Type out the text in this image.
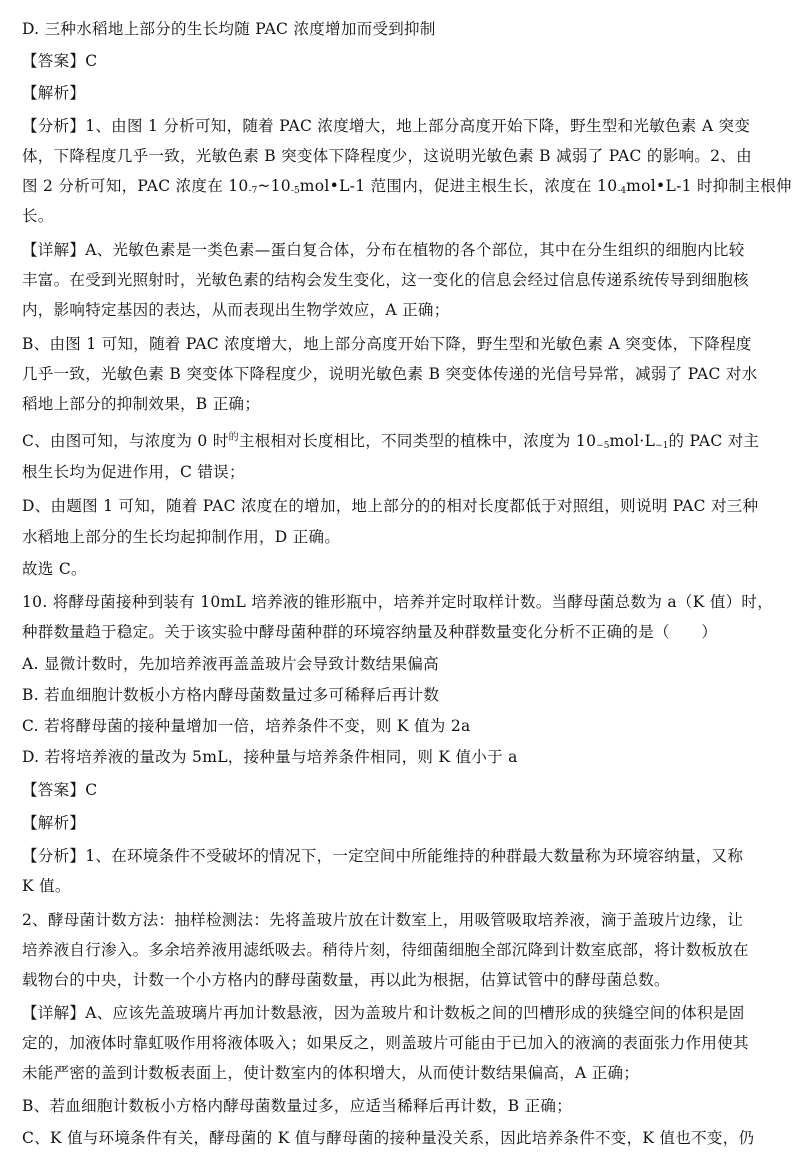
D. 三种水稻地上部分的生长均随 PAC 浓度增加而受到抑制
【答案】C
【解析】
【分析】1、由图 1 分析可知，随着 PAC 浓度增大，地上部分高度开始下降，野生型和光敏色素 A 突变
体，下降程度几乎一致，光敏色素 B 突变体下降程度少，这说明光敏色素 B 减弱了 PAC 的影响。2、由
图 2 分析可知，PAC 浓度在 $10_{-7}\sim 10_{-5}mol•L-1$ 范围内，促进主根生长，浓度在 $10_{-4}mol•L-1$ 时抑制主根伸
长。
【详解】A、光敏色素是一类色素—蛋白复合体，分布在植物的各个部位，其中在分生组织的细胞内比较
丰富。在受到光照射时，光敏色素的结构会发生变化，这一变化的信息会经过信息传递系统传导到细胞核
内，影响特定基因的表达，从而表现出生物学效应，A 正确；
B、由图 1 可知，随着 PAC 浓度增大，地上部分高度开始下降，野生型和光敏色素 A 突变体，下降程度
几乎一致，光敏色素 B 突变体下降程度少，说明光敏色素 B 突变体传递的光信号异常，减弱了 PAC 对水
稻地上部分的抑制效果，B 正确；
C、由图可知，与浓度为 0 时$^的$主根相对长度相比，不同类型的植株中，浓度为 $10_{-5}mol\cdot L_{-1}$的 PAC 对主
根生长均为促进作用，C 错误；
D、由题图 1 可知，随着 PAC 浓度在的增加，地上部分的的相对长度都低于对照组，则说明 PAC 对三种
水稻地上部分的生长均起抑制作用，D 正确。
故选 C。
10. 将酵母菌接种到装有 10mL 培养液的锥形瓶中，培养并定时取样计数。当酵母菌总数为 a（K 值）时，
种群数量趋于稳定。关于该实验中酵母菌种群的环境容纳量及种群数量变化分析不正确的是（　　）
A. 显微计数时，先加培养液再盖盖玻片会导致计数结果偏高
B. 若血细胞计数板小方格内酵母菌数量过多可稀释后再计数
C. 若将酵母菌的接种量增加一倍，培养条件不变，则 K 值为 2a
D. 若将培养液的量改为 5mL，接种量与培养条件相同，则 K 值小于 a
【答案】C
【解析】
【分析】1、在环境条件不受破坏的情况下，一定空间中所能维持的种群最大数量称为环境容纳量，又称
K 值。
2、酵母菌计数方法：抽样检测法：先将盖玻片放在计数室上，用吸管吸取培养液，滴于盖玻片边缘，让
培养液自行渗入。多余培养液用滤纸吸去。稍待片刻，待细菌细胞全部沉降到计数室底部，将计数板放在
载物台的中央，计数一个小方格内的酵母菌数量，再以此为根据，估算试管中的酵母菌总数。
【详解】A、应该先盖玻璃片再加计数悬液，因为盖玻片和计数板之间的凹槽形成的狭缝空间的体积是固
定的，加液体时靠虹吸作用将液体吸入；如果反之，则盖玻片可能由于已加入的液滴的表面张力作用使其
未能严密的盖到计数板表面上，使计数室内的体积增大，从而使计数结果偏高，A 正确；
B、若血细胞计数板小方格内酵母菌数量过多，应适当稀释后再计数，B 正确；
C、K 值与环境条件有关，酵母菌的 K 值与酵母菌的接种量没关系，因此培养条件不变，K 值也不变，仍
